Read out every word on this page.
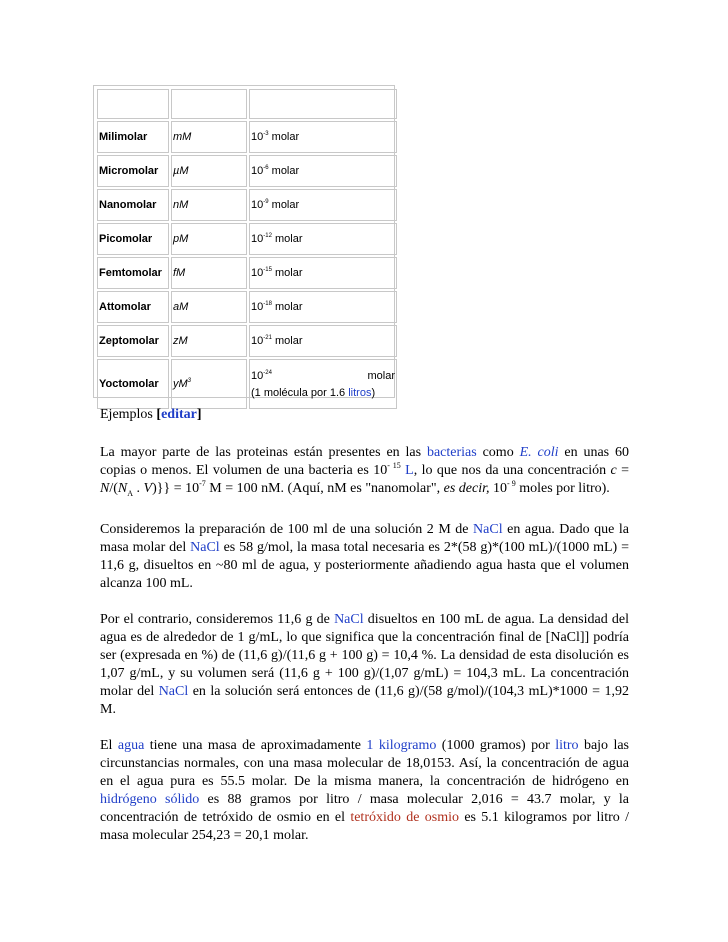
Milimolar	mM	$10^{-3}$ molar
Micromolar	µM	$10^{-6}$ molar
Nanomolar	nM	$10^{-9}$ molar
Picomolar	pM	$10^{-12}$ molar
Femtomolar	fM	$10^{-15}$ molar
Attomolar	aM	$10^{-18}$ molar
Zeptomolar	zM	$10^{-21}$ molar
Yoctomolar	$yM^3$	$10^{-24}$ molar
(1 molécula por 1.6 litros)
Ejemplos [editar]

La mayor parte de las proteinas están presentes en las bacterias como E. coli en unas 60 copias o menos. El volumen de una bacteria es $10^{- 15}$ L, lo que nos da una concentración $c = N/(N_A$ . $V)\}\} = 10^{-7}$ M = 100 nM. (Aquí, nM es "nanomolar", es decir, $10^{- 9}$ moles por litro).

Consideremos la preparación de 100 ml de una solución 2 M de NaCl en agua. Dado que la masa molar del NaCl es 58 g/mol, la masa total necesaria es 2*(58 g)*(100 mL)/(1000 mL) = 11,6 g, disueltos en ~80 ml de agua, y posteriormente añadiendo agua hasta que el volumen alcanza 100 mL.

Por el contrario, consideremos 11,6 g de NaCl disueltos en 100 mL de agua. La densidad del agua es de alrededor de 1 g/mL, lo que significa que la concentración final de [NaCl]] podría ser (expresada en %) de (11,6 g)/(11,6 g + 100 g) = 10,4 %. La densidad de esta disolución es 1,07 g/mL, y su volumen será (11,6 g + 100 g)/(1,07 g/mL) = 104,3 mL. La concentración molar del NaCl en la solución será entonces de (11,6 g)/(58 g/mol)/(104,3 mL)*1000 = 1,92 M.

El agua tiene una masa de aproximadamente 1 kilogramo (1000 gramos) por litro bajo las circunstancias normales, con una masa molecular de 18,0153. Así, la concentración de agua en el agua pura es 55.5 molar. De la misma manera, la concentración de hidrógeno en hidrógeno sólido es 88 gramos por litro / masa molecular 2,016 = 43.7 molar, y la concentración de tetróxido de osmio en el tetróxido de osmio es 5.1 kilogramos por litro / masa molecular 254,23 = 20,1 molar.
